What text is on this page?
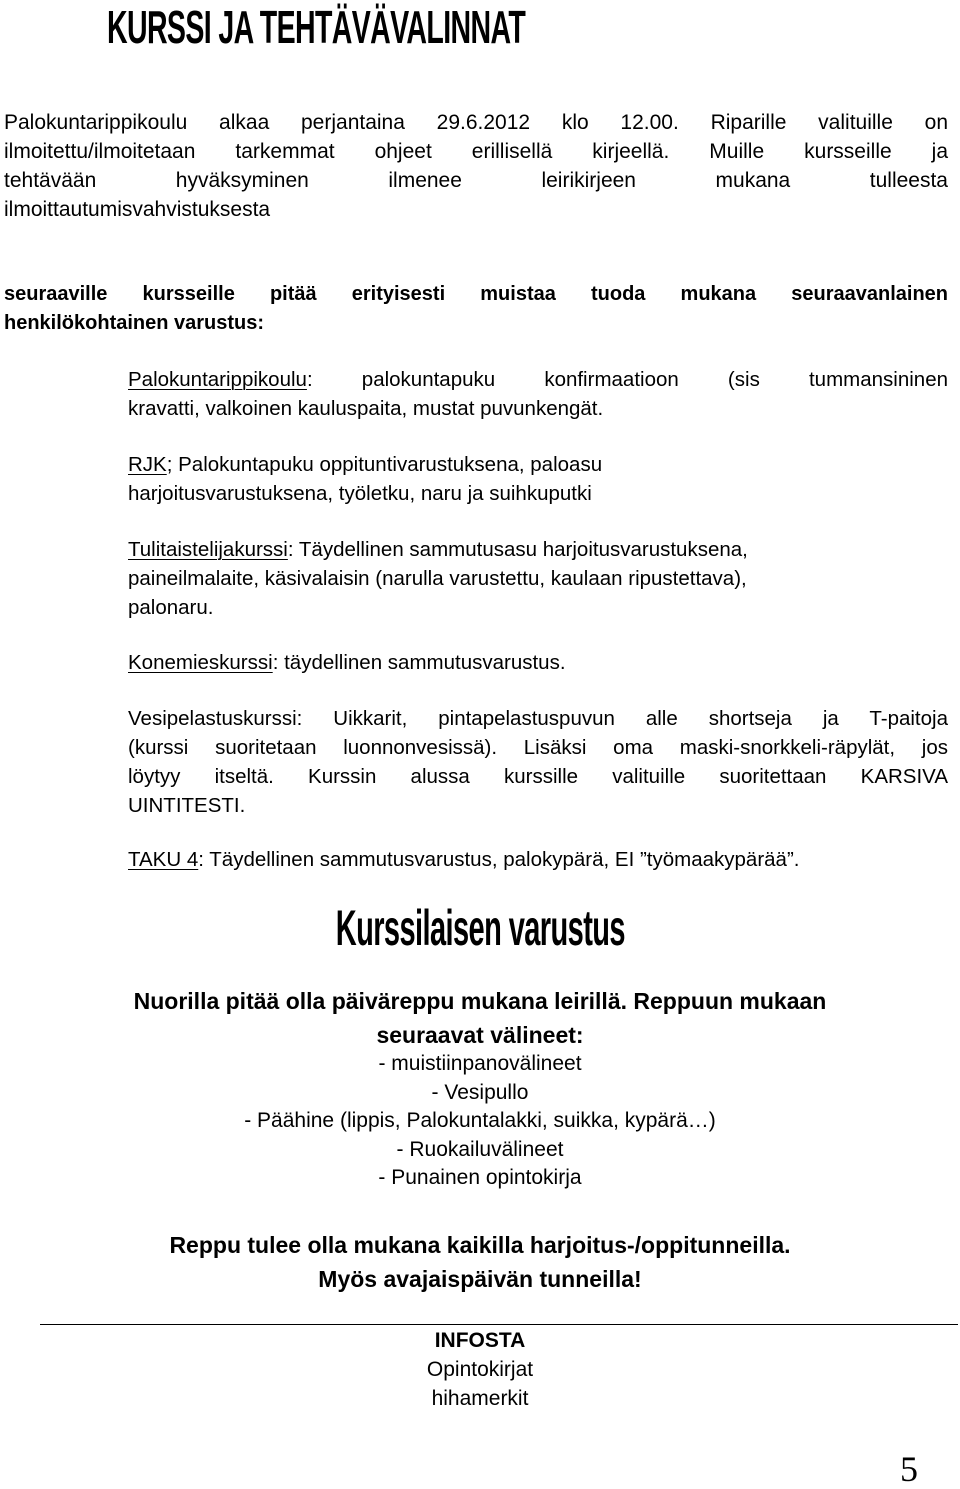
KURSSI JA TEHTÄVÄVALINNAT
Palokuntarippikoulu alkaa perjantaina 29.6.2012 klo 12.00. Riparille valituille on
ilmoitettu/ilmoitetaan tarkemmat ohjeet erillisellä kirjeellä. Muille kursseille ja
tehtävään hyväksyminen ilmenee leirikirjeen mukana tulleesta
ilmoittautumisvahvistuksesta
seuraaville kursseille pitää erityisesti muistaa tuoda mukana seuraavanlainen
henkilökohtainen varustus:
Palokuntarippikoulu: palokuntapuku konfirmaatioon (sis tummansininen
kravatti, valkoinen kauluspaita, mustat puvunkengät.
RJK; Palokuntapuku oppituntivarustuksena, paloasu
harjoitusvarustuksena, työletku, naru ja suihkuputki
Tulitaistelijakurssi: Täydellinen sammutusasu harjoitusvarustuksena,
paineilmalaite, käsivalaisin (narulla varustettu, kaulaan ripustettava),
palonaru.
Konemieskurssi: täydellinen sammutusvarustus.
Vesipelastuskurssi: Uikkarit, pintapelastuspuvun alle shortseja ja T-paitoja
(kurssi suoritetaan luonnonvesissä). Lisäksi oma maski-snorkkeli-räpylät, jos
löytyy itseltä. Kurssin alussa kurssille valituille suoritettaan KARSIVA
UINTITESTI.
TAKU 4: Täydellinen sammutusvarustus, palokypärä, EI ”työmaakypärää”.
Kurssilaisen varustus
Nuorilla pitää olla päiväreppu mukana leirillä. Reppuun mukaan
seuraavat välineet:
- muistiinpanovälineet
- Vesipullo
- Päähine (lippis, Palokuntalakki, suikka, kypärä…)
- Ruokailuvälineet
- Punainen opintokirja
Reppu tulee olla mukana kaikilla harjoitus-/oppitunneilla.
Myös avajaispäivän tunneilla!
INFOSTA
Opintokirjat
hihamerkit
5
